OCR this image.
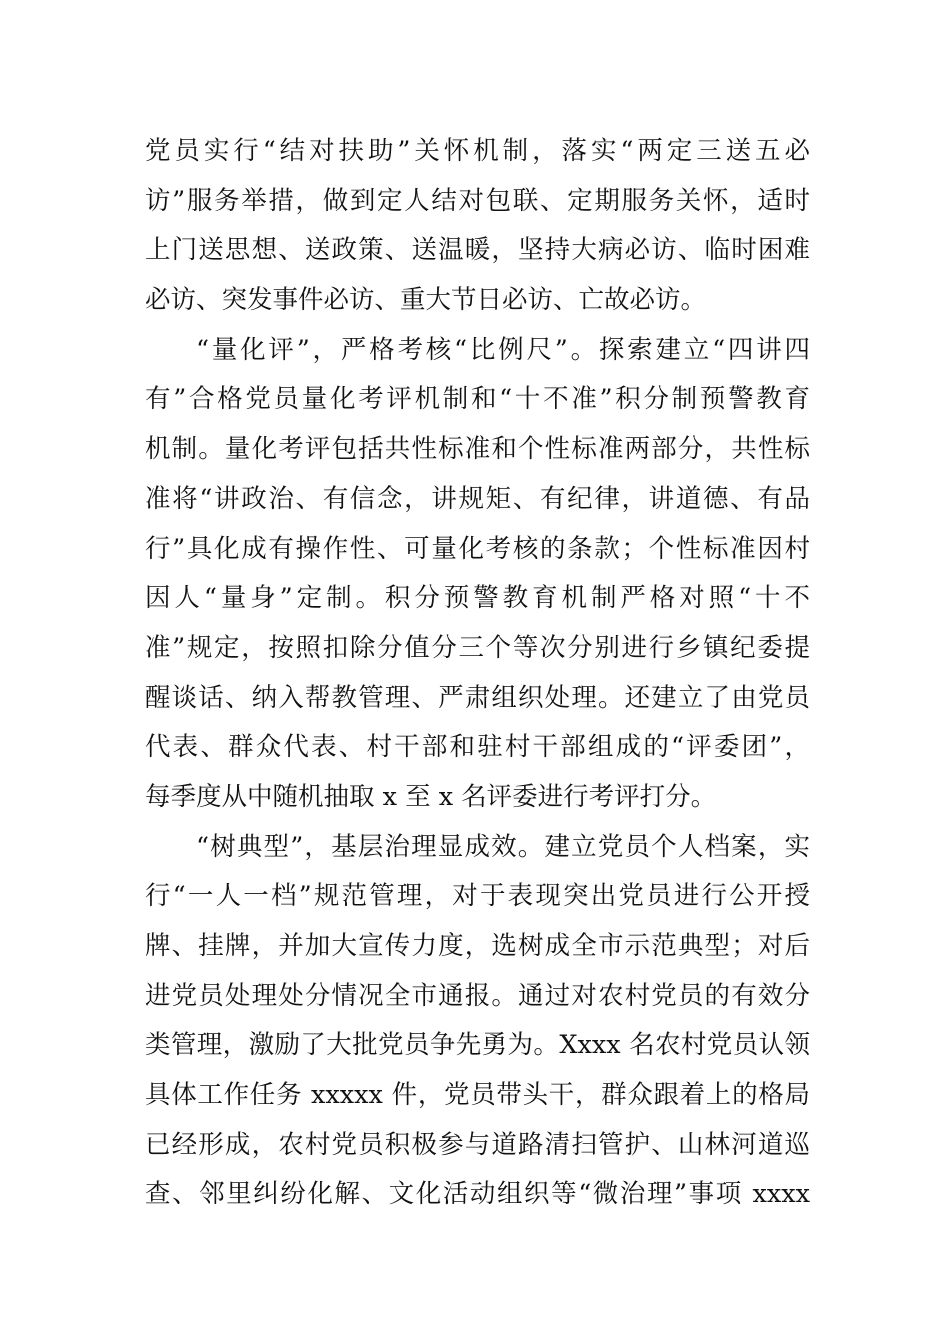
党员实行“结对扶助”关怀机制，落实“两定三送五必
访”服务举措，做到定人结对包联、定期服务关怀，适时
上门送思想、送政策、送温暖，坚持大病必访、临时困难
必访、突发事件必访、重大节日必访、亡故必访。
“量化评”，严格考核“比例尺”。探索建立“四讲四
有”合格党员量化考评机制和“十不准”积分制预警教育
机制。量化考评包括共性标准和个性标准两部分，共性标
准将“讲政治、有信念，讲规矩、有纪律，讲道德、有品
行”具化成有操作性、可量化考核的条款；个性标准因村
因人“量身”定制。积分预警教育机制严格对照“十不
准”规定，按照扣除分值分三个等次分别进行乡镇纪委提
醒谈话、纳入帮教管理、严肃组织处理。还建立了由党员
代表、群众代表、村干部和驻村干部组成的“评委团”，
每季度从中随机抽取 x 至 x 名评委进行考评打分。
“树典型”，基层治理显成效。建立党员个人档案，实
行“一人一档”规范管理，对于表现突出党员进行公开授
牌、挂牌，并加大宣传力度，选树成全市示范典型；对后
进党员处理处分情况全市通报。通过对农村党员的有效分
类管理，激励了大批党员争先勇为。Xxxx 名农村党员认领
具体工作任务 xxxxx 件，党员带头干，群众跟着上的格局
已经形成，农村党员积极参与道路清扫管护、山林河道巡
查、邻里纠纷化解、文化活动组织等“微治理”事项 xxxx
